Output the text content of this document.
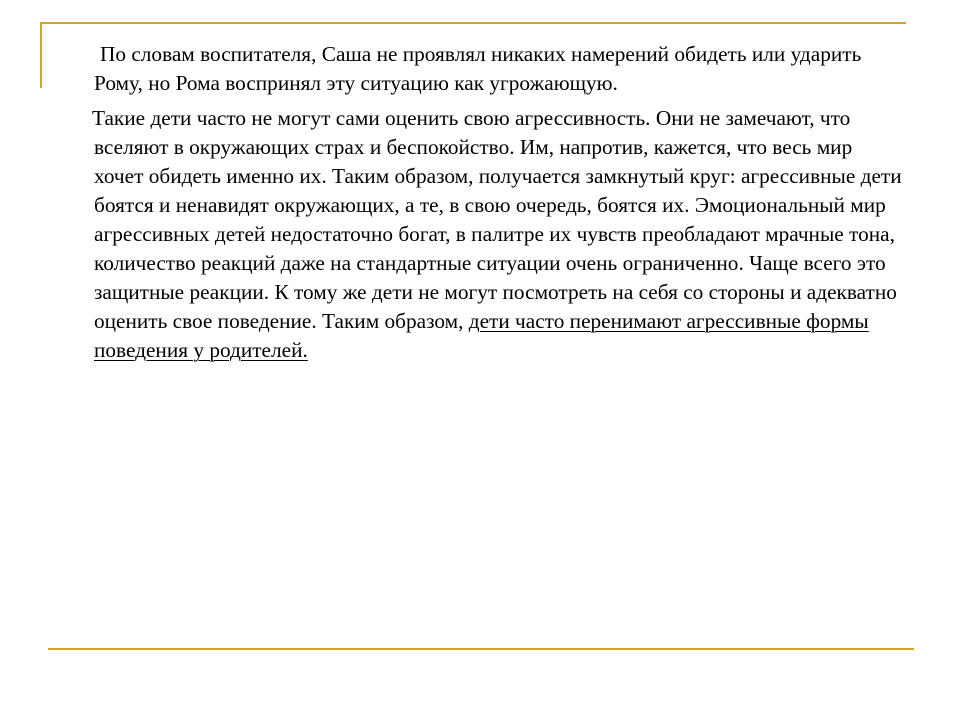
По словам воспитателя, Саша не проявлял никаких намерений обидеть или ударить Рому, но Рома воспринял эту ситуацию как угрожающую.

Такие дети часто не могут сами оценить свою агрессивность. Они не замечают, что вселяют в окружающих страх и беспокойство. Им, напротив, кажется, что весь мир хочет обидеть именно их. Таким образом, получается замкнутый круг: агрессивные дети боятся и ненавидят окружающих, а те, в свою очередь, боятся их. Эмоциональный мир агрессивных детей недостаточно богат, в палитре их чувств преобладают мрачные тона, количество реакций даже на стандартные ситуации очень ограниченно. Чаще всего это защитные реакции. К тому же дети не могут посмотреть на себя со стороны и адекватно оценить свое поведение. Таким образом, дети часто перенимают агрессивные формы поведения у родителей.
